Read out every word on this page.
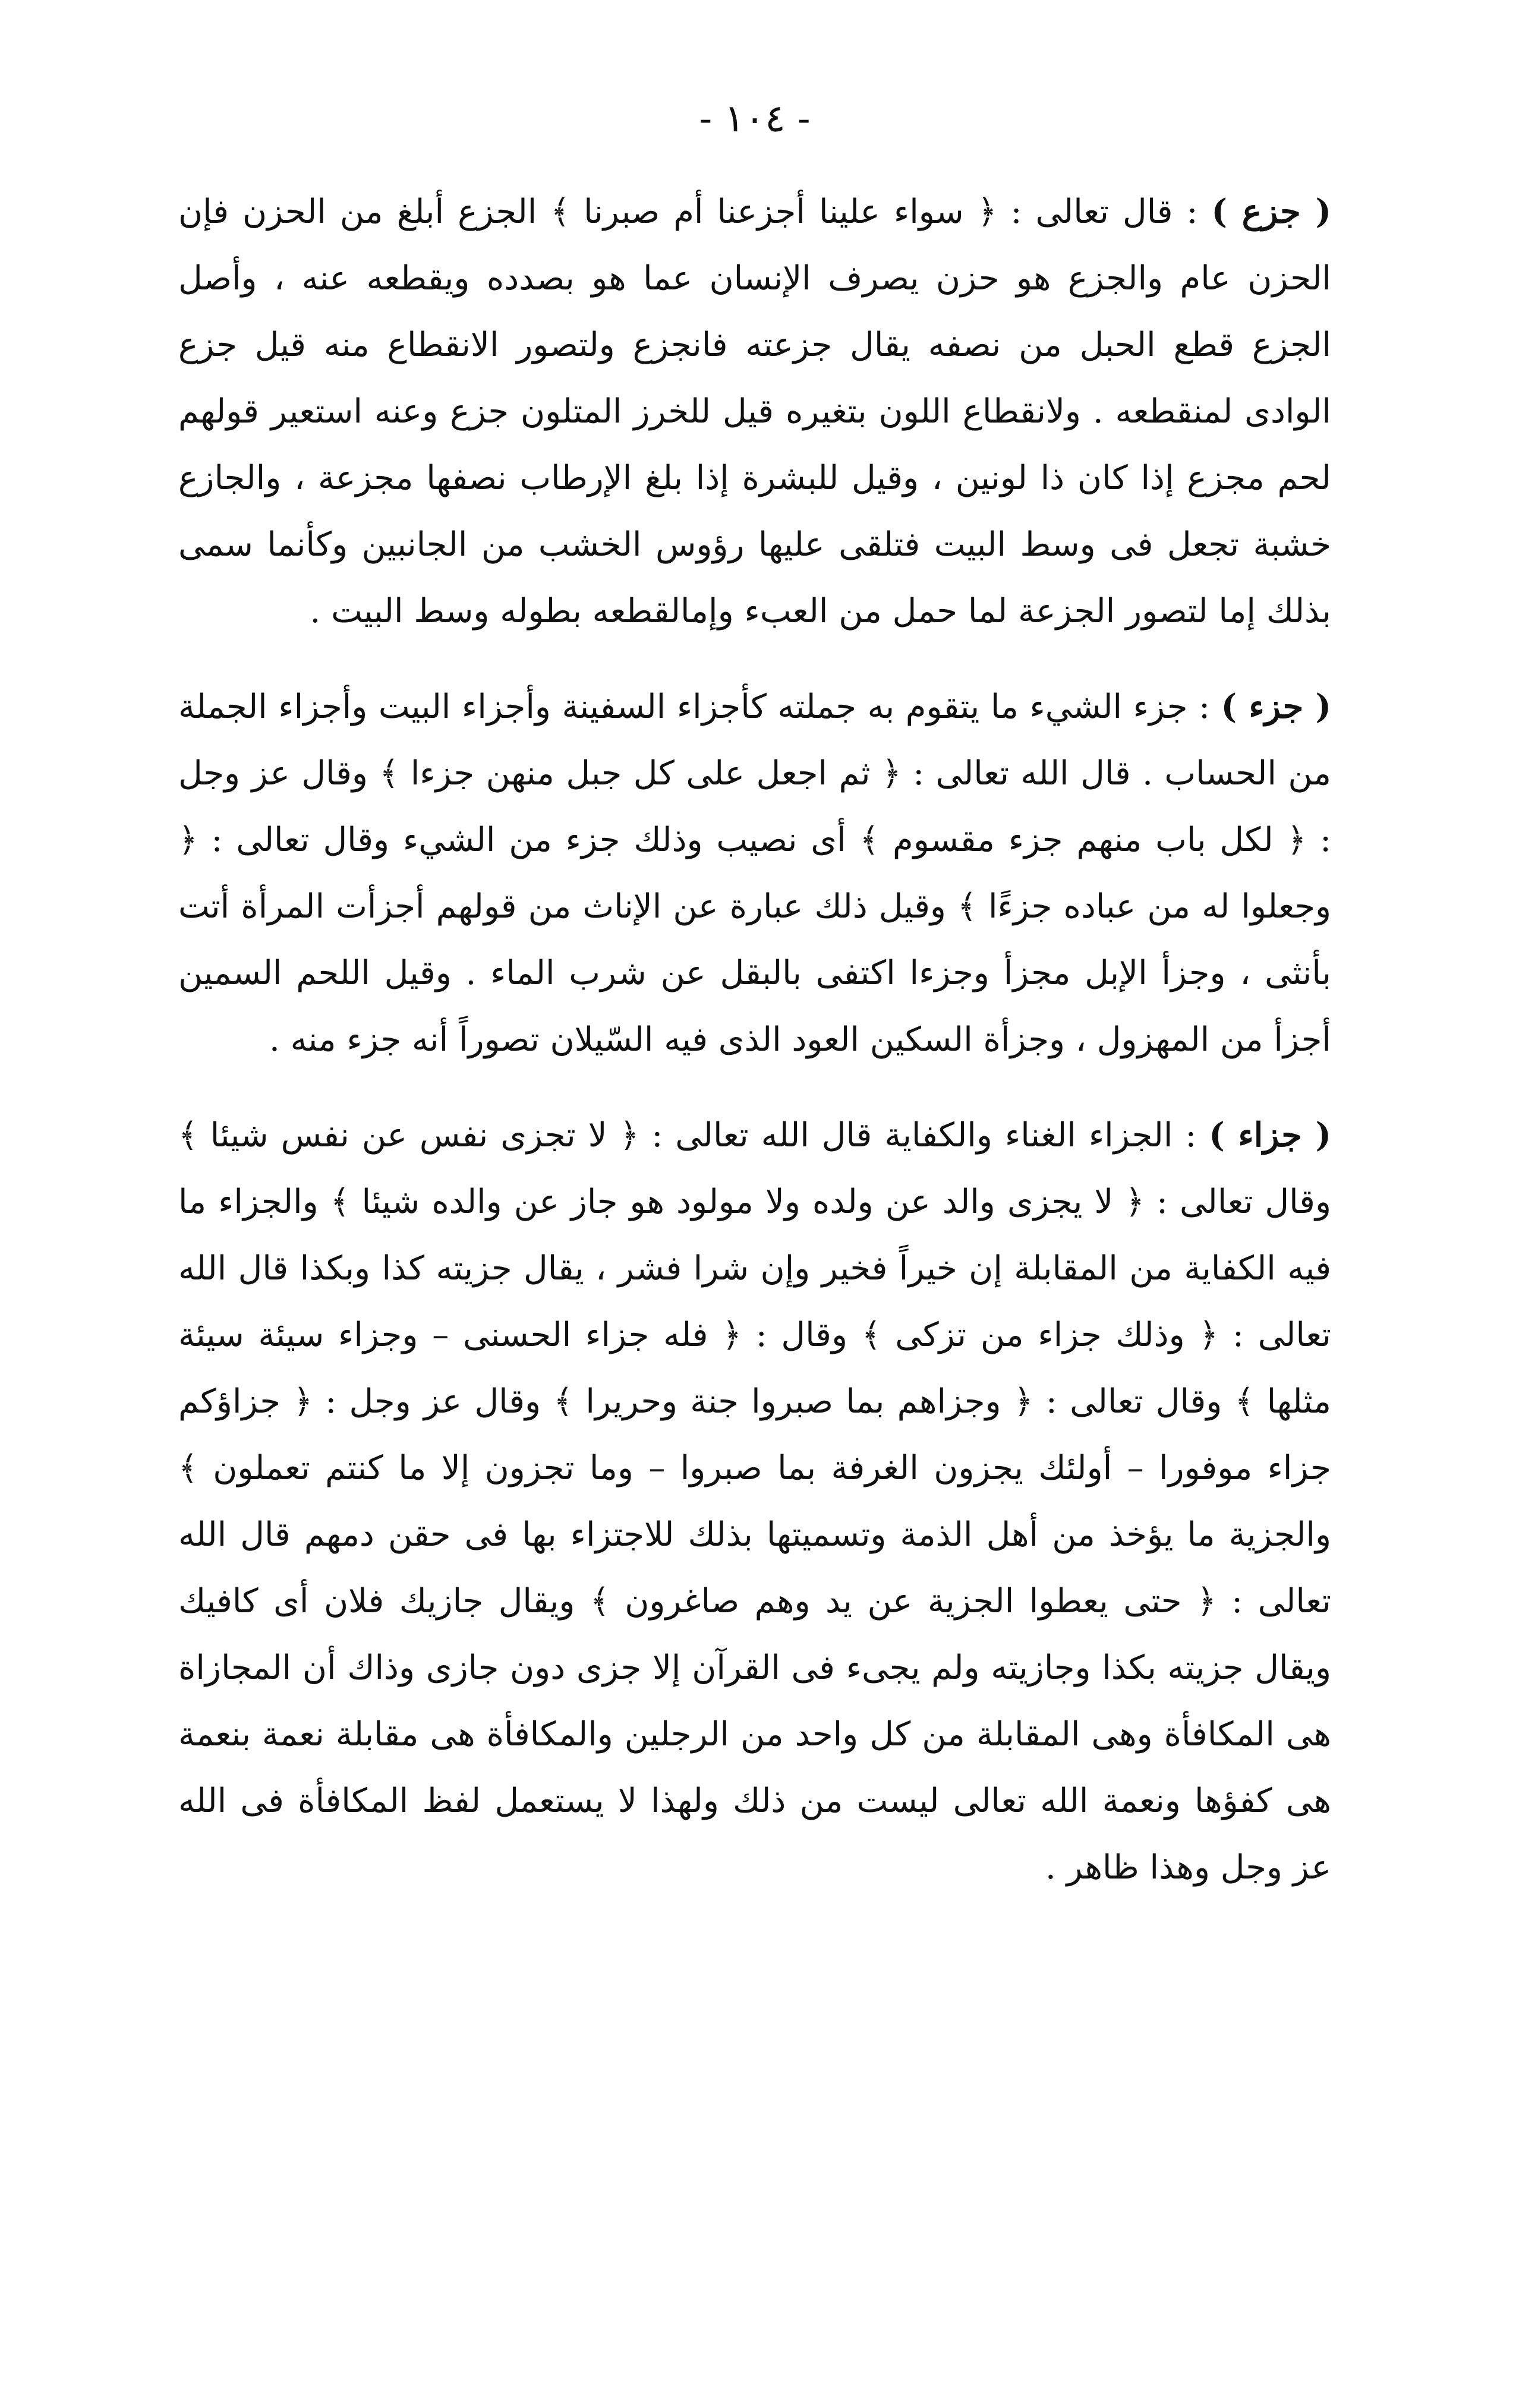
- ١٠٤ -

( جزع ) : قال تعالى : ﴿ سواء علينا أجزعنا أم صبرنا ﴾ الجزع أبلغ من الحزن فإن الحزن عام والجزع هو حزن يصرف الإنسان عما هو بصدده ويقطعه عنه ، وأصل الجزع قطع الحبل من نصفه يقال جزعته فانجزع ولتصور الانقطاع منه قيل جزع الوادى لمنقطعه . ولانقطاع اللون بتغيره قيل للخرز المتلون جزع وعنه استعير قولهم لحم مجزع إذا كان ذا لونين ، وقيل للبشرة إذا بلغ الإرطاب نصفها مجزعة ، والجازع خشبة تجعل فى وسط البيت فتلقى عليها رؤوس الخشب من الجانبين وكأنما سمى بذلك إما لتصور الجزعة لما حمل من العبء وإمالقطعه بطوله وسط البيت .

( جزء ) : جزء الشيء ما يتقوم به جملته كأجزاء السفينة وأجزاء البيت وأجزاء الجملة من الحساب . قال الله تعالى : ﴿ ثم اجعل على كل جبل منهن جزءا ﴾ وقال عز وجل : ﴿ لكل باب منهم جزء مقسوم ﴾ أى نصيب وذلك جزء من الشيء وقال تعالى : ﴿ وجعلوا له من عباده جزءًا ﴾ وقيل ذلك عبارة عن الإناث من قولهم أجزأت المرأة أتت بأنثى ، وجزأ الإبل مجزأ وجزءا اكتفى بالبقل عن شرب الماء . وقيل اللحم السمين أجزأ من المهزول ، وجزأة السكين العود الذى فيه السّيلان تصوراً أنه جزء منه .

( جزاء ) : الجزاء الغناء والكفاية قال الله تعالى : ﴿ لا تجزى نفس عن نفس شيئا ﴾ وقال تعالى : ﴿ لا يجزى والد عن ولده ولا مولود هو جاز عن والده شيئا ﴾ والجزاء ما فيه الكفاية من المقابلة إن خيراً فخير وإن شرا فشر ، يقال جزيته كذا وبكذا قال الله تعالى : ﴿ وذلك جزاء من تزكى ﴾ وقال : ﴿ فله جزاء الحسنى – وجزاء سيئة سيئة مثلها ﴾ وقال تعالى : ﴿ وجزاهم بما صبروا جنة وحريرا ﴾ وقال عز وجل : ﴿ جزاؤكم جزاء موفورا – أولئك يجزون الغرفة بما صبروا – وما تجزون إلا ما كنتم تعملون ﴾ والجزية ما يؤخذ من أهل الذمة وتسميتها بذلك للاجتزاء بها فى حقن دمهم قال الله تعالى : ﴿ حتى يعطوا الجزية عن يد وهم صاغرون ﴾ ويقال جازيك فلان أى كافيك ويقال جزيته بكذا وجازيته ولم يجىء فى القرآن إلا جزى دون جازى وذاك أن المجازاة هى المكافأة وهى المقابلة من كل واحد من الرجلين والمكافأة هى مقابلة نعمة بنعمة هى كفؤها ونعمة الله تعالى ليست من ذلك ولهذا لا يستعمل لفظ المكافأة فى الله عز وجل وهذا ظاهر .
